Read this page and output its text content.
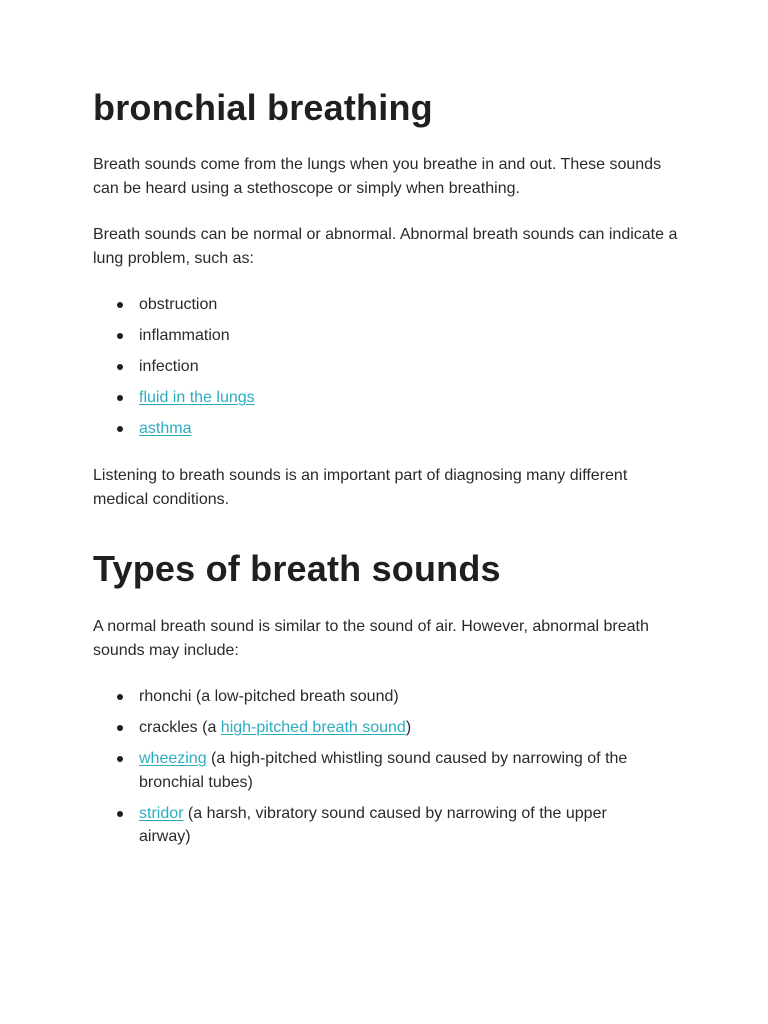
bronchial breathing

Breath sounds come from the lungs when you breathe in and out. These sounds can be heard using a stethoscope or simply when breathing.

Breath sounds can be normal or abnormal. Abnormal breath sounds can indicate a lung problem, such as:

obstruction
inflammation
infection
fluid in the lungs
asthma

Listening to breath sounds is an important part of diagnosing many different medical conditions.

Types of breath sounds

A normal breath sound is similar to the sound of air. However, abnormal breath sounds may include:

rhonchi (a low-pitched breath sound)
crackles (a high-pitched breath sound)
wheezing (a high-pitched whistling sound caused by narrowing of the bronchial tubes)
stridor (a harsh, vibratory sound caused by narrowing of the upper airway)
